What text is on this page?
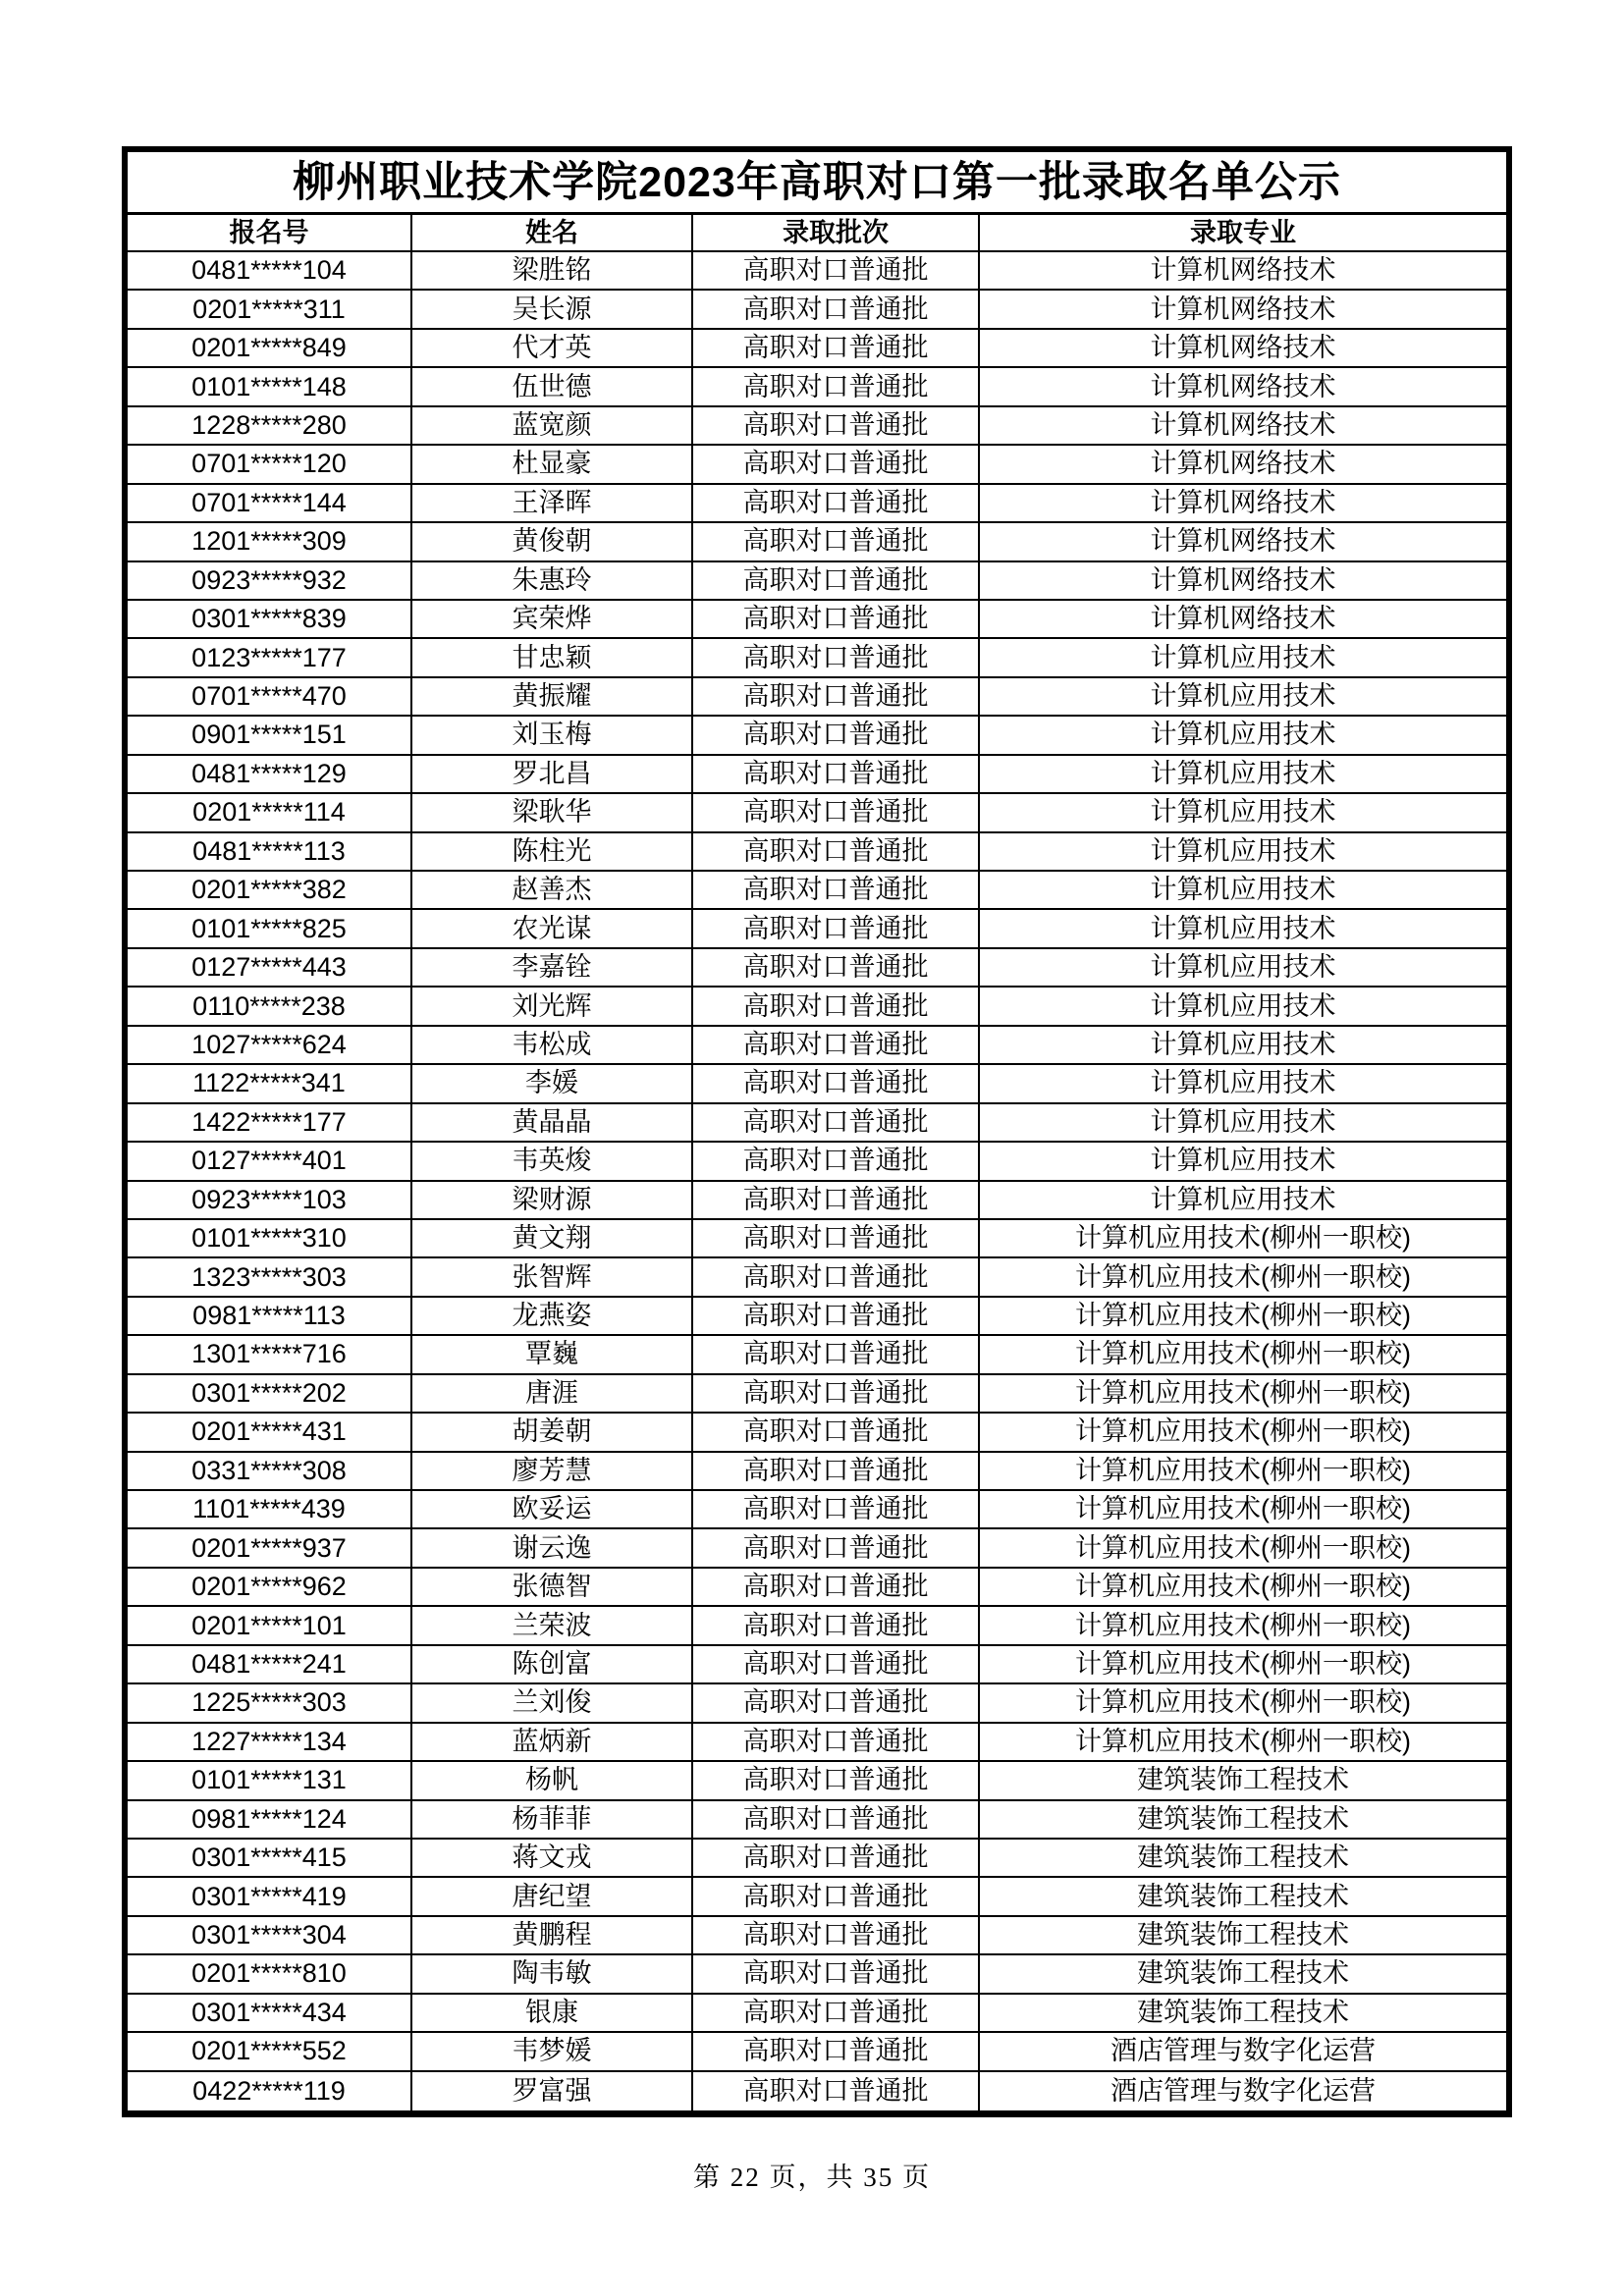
柳州职业技术学院2023年高职对口第一批录取名单公示
报名号	姓名	录取批次	录取专业
0481*****104	梁胜铭	高职对口普通批	计算机网络技术
0201*****311	吴长源	高职对口普通批	计算机网络技术
0201*****849	代才英	高职对口普通批	计算机网络技术
0101*****148	伍世德	高职对口普通批	计算机网络技术
1228*****280	蓝宽颜	高职对口普通批	计算机网络技术
0701*****120	杜显豪	高职对口普通批	计算机网络技术
0701*****144	王泽晖	高职对口普通批	计算机网络技术
1201*****309	黄俊朝	高职对口普通批	计算机网络技术
0923*****932	朱惠玲	高职对口普通批	计算机网络技术
0301*****839	宾荣烨	高职对口普通批	计算机网络技术
0123*****177	甘忠颖	高职对口普通批	计算机应用技术
0701*****470	黄振耀	高职对口普通批	计算机应用技术
0901*****151	刘玉梅	高职对口普通批	计算机应用技术
0481*****129	罗北昌	高职对口普通批	计算机应用技术
0201*****114	梁耿华	高职对口普通批	计算机应用技术
0481*****113	陈柱光	高职对口普通批	计算机应用技术
0201*****382	赵善杰	高职对口普通批	计算机应用技术
0101*****825	农光谋	高职对口普通批	计算机应用技术
0127*****443	李嘉铨	高职对口普通批	计算机应用技术
0110*****238	刘光辉	高职对口普通批	计算机应用技术
1027*****624	韦松成	高职对口普通批	计算机应用技术
1122*****341	李媛	高职对口普通批	计算机应用技术
1422*****177	黄晶晶	高职对口普通批	计算机应用技术
0127*****401	韦英焌	高职对口普通批	计算机应用技术
0923*****103	梁财源	高职对口普通批	计算机应用技术
0101*****310	黄文翔	高职对口普通批	计算机应用技术(柳州一职校)
1323*****303	张智辉	高职对口普通批	计算机应用技术(柳州一职校)
0981*****113	龙燕姿	高职对口普通批	计算机应用技术(柳州一职校)
1301*****716	覃巍	高职对口普通批	计算机应用技术(柳州一职校)
0301*****202	唐涯	高职对口普通批	计算机应用技术(柳州一职校)
0201*****431	胡姜朝	高职对口普通批	计算机应用技术(柳州一职校)
0331*****308	廖芳慧	高职对口普通批	计算机应用技术(柳州一职校)
1101*****439	欧妥运	高职对口普通批	计算机应用技术(柳州一职校)
0201*****937	谢云逸	高职对口普通批	计算机应用技术(柳州一职校)
0201*****962	张德智	高职对口普通批	计算机应用技术(柳州一职校)
0201*****101	兰荣波	高职对口普通批	计算机应用技术(柳州一职校)
0481*****241	陈创富	高职对口普通批	计算机应用技术(柳州一职校)
1225*****303	兰刘俊	高职对口普通批	计算机应用技术(柳州一职校)
1227*****134	蓝炳新	高职对口普通批	计算机应用技术(柳州一职校)
0101*****131	杨帆	高职对口普通批	建筑装饰工程技术
0981*****124	杨菲菲	高职对口普通批	建筑装饰工程技术
0301*****415	蒋文戎	高职对口普通批	建筑装饰工程技术
0301*****419	唐纪望	高职对口普通批	建筑装饰工程技术
0301*****304	黄鹏程	高职对口普通批	建筑装饰工程技术
0201*****810	陶韦敏	高职对口普通批	建筑装饰工程技术
0301*****434	银康	高职对口普通批	建筑装饰工程技术
0201*****552	韦梦媛	高职对口普通批	酒店管理与数字化运营
0422*****119	罗富强	高职对口普通批	酒店管理与数字化运营
第 22 页，共 35 页
